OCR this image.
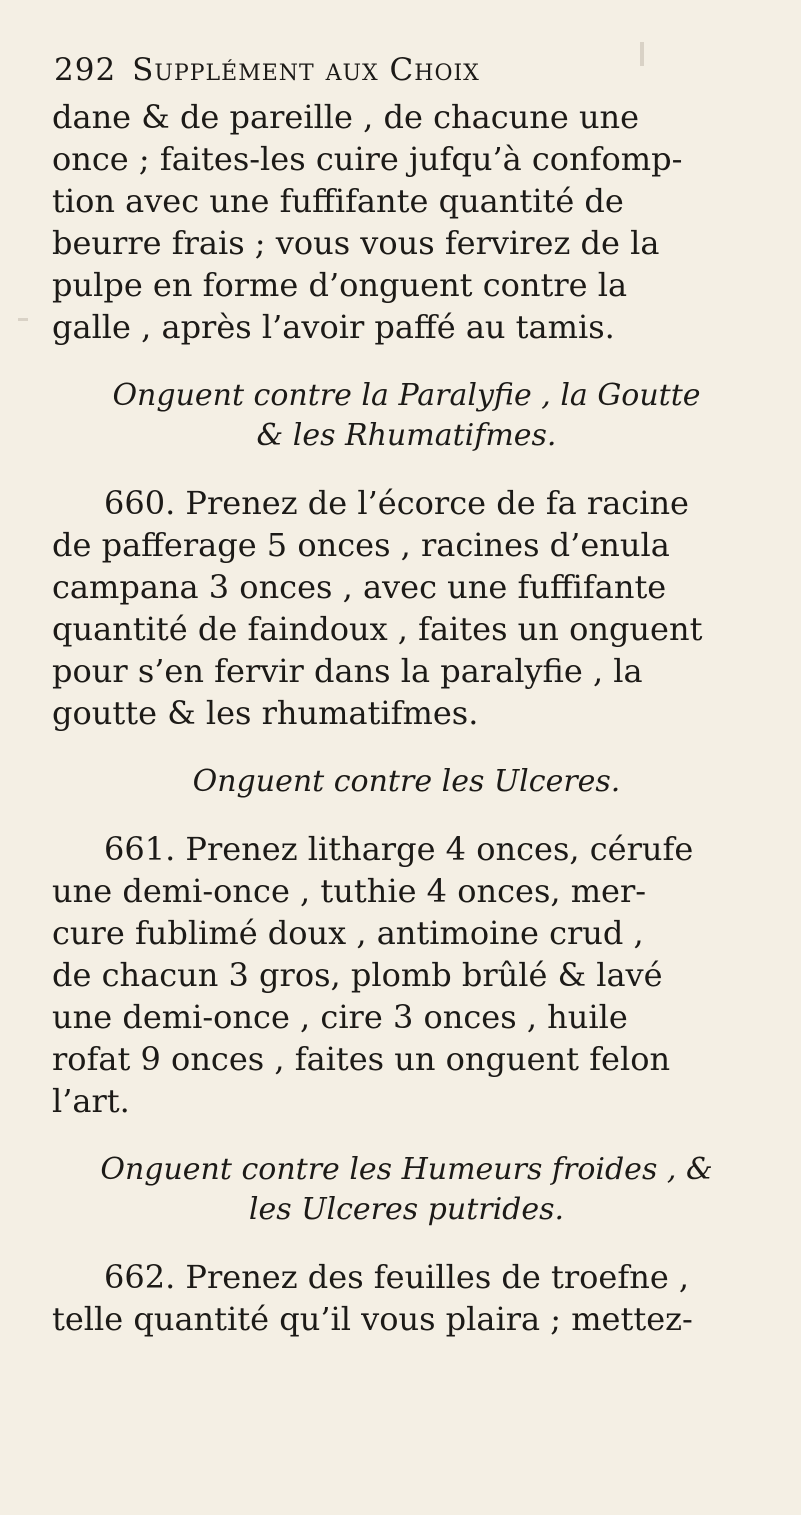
292 Supplément aux Choix

dane & de pareille , de chacune une

once ; faites-les cuire jufqu’à confomp-

tion avec une fuffifante quantité de

beurre frais ; vous vous fervirez de la

pulpe en forme d’onguent contre la

galle , après l’avoir paffé au tamis.

Onguent contre la Paralyfie , la Goutte

& les Rhumatifmes.

660. Prenez de l’écorce de fa racine

de pafferage 5 onces , racines d’enula

campana 3 onces , avec une fuffifante

quantité de faindoux , faites un onguent

pour s’en fervir dans la paralyfie , la

goutte & les rhumatifmes.

Onguent contre les Ulceres.

661. Prenez litharge 4 onces, cérufe

une demi-once , tuthie 4 onces, mer-

cure fublimé doux , antimoine crud ,

de chacun 3 gros, plomb brûlé & lavé

une demi-once , cire 3 onces , huile

rofat 9 onces , faites un onguent felon

l’art.

Onguent contre les Humeurs froides , &

les Ulceres putrides.

662. Prenez des feuilles de troefne ,

telle quantité qu’il vous plaira ; mettez-
